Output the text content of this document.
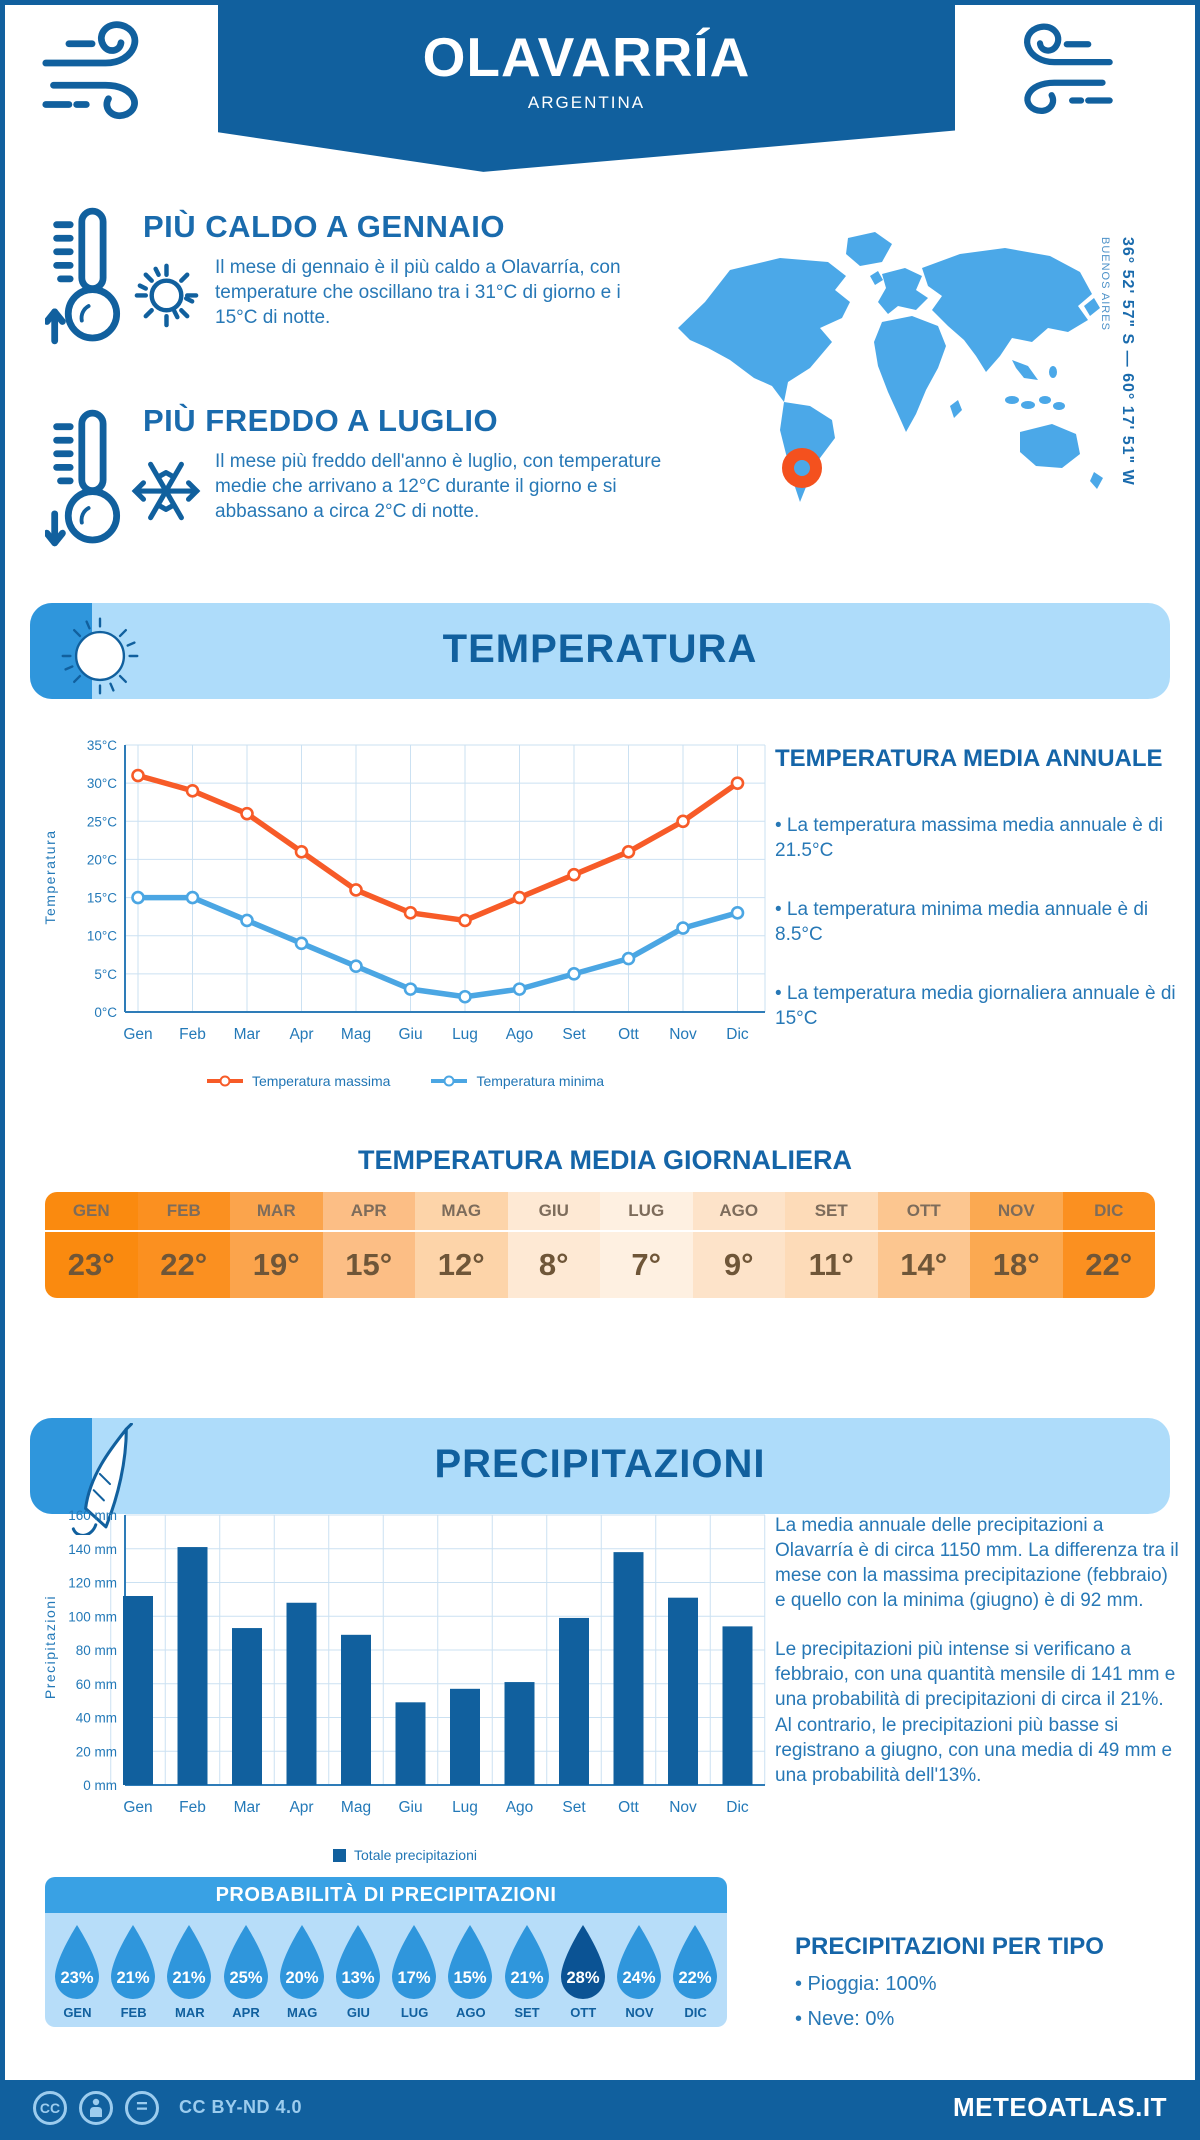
OLAVARRÍA
ARGENTINA
PIÙ CALDO A GENNAIO
Il mese di gennaio è il più caldo a Olavarría, con temperature che oscillano tra i 31°C di giorno e i 15°C di notte.
PIÙ FREDDO A LUGLIO
Il mese più freddo dell'anno è luglio, con temperature medie che arrivano a 12°C durante il giorno e si abbassano a circa 2°C di notte.
36° 52' 57" S — 60° 17' 51" W
BUENOS AIRES
TEMPERATURA
0°C
5°C
10°C
15°C
20°C
25°C
30°C
35°C
Gen Feb Mar Apr Mag Giu Lug Ago Set Ott Nov Dic
Temperatura
Temperatura massima	Temperatura minima
TEMPERATURA MEDIA ANNUALE
• La temperatura massima media annuale è di 21.5°C
• La temperatura minima media annuale è di 8.5°C
• La temperatura media giornaliera annuale è di 15°C
TEMPERATURA MEDIA GIORNALIERA
GEN
23°
FEB
22°
MAR
19°
APR
15°
MAG
12°
GIU
8°
LUG
7°
AGO
9°
SET
11°
OTT
14°
NOV
18°
DIC
22°
PRECIPITAZIONI
0 mm
20 mm
40 mm
60 mm
80 mm
100 mm
120 mm
140 mm
160 mm
Gen Feb Mar Apr Mag Giu Lug Ago Set Ott Nov Dic
Precipitazioni
Totale precipitazioni
La media annuale delle precipitazioni a Olavarría è di circa 1150 mm. La differenza tra il mese con la massima precipitazione (febbraio) e quello con la minima (giugno) è di 92 mm.
Le precipitazioni più intense si verificano a febbraio, con una quantità mensile di 141 mm e una probabilità di precipitazioni di circa il 21%. Al contrario, le precipitazioni più basse si registrano a giugno, con una media di 49 mm e una probabilità dell'13%.
PROBABILITÀ DI PRECIPITAZIONI
23%
GEN
21%
FEB
21%
MAR
25%
APR
20%
MAG
13%
GIU
17%
LUG
15%
AGO
21%
SET
28%
OTT
24%
NOV
22%
DIC
PRECIPITAZIONI PER TIPO
• Pioggia: 100%
• Neve: 0%
CC	=	CC BY-ND 4.0	METEOATLAS.IT
